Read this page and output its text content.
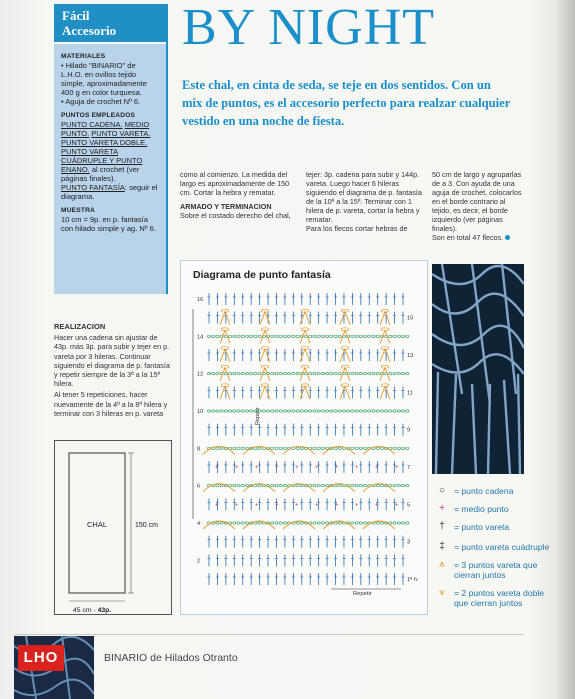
Fácil
Accesorio
MATERIALES

• Hilado "BINARIO" de L.H.O. en ovillos tejido simple, aproximadamente 400 g en color turquesa.
• Aguja de crochet Nº 6.

PUNTOS EMPLEADOS

PUNTO CADENA. MEDIO PUNTO. PUNTO VARETA. PUNTO VARETA DOBLE. PUNTO VARETA CUÁDRUPLE Y PUNTO ENANO. al crochet (ver páginas finales).
PUNTO FANTASÍA: seguir el diagrama.

MUESTRA

10 cm = 9p. en p. fantasía con hilado simple y ag. Nº 6.

BY NIGHT
Este chal, en cinta de seda, se teje en dos sentidos. Con un mix de puntos, es el accesorio perfecto para realzar cualquier vestido en una noche de fiesta.

como al comienzo. La medida del largo es aproximadamente de 150 cm. Cortar la hebra y rematar.

ARMADO Y TERMINACION

Sobre el costado derecho del chal,

tejer: 3p. cadena para subir y 144p. vareta. Luego hacer 6 hileras siguiendo el diagrama de p. fantasía de la 10ª a la 15ª. Terminar con 1 hilera de p. vareta, cortar la hebra y rematar.

Para los flecos cortar hebras de

50 cm de largo y agruparlas de a 3. Con ayuda de una aguja de crochet, colocarlos en el borde contrario al tejido, es decir, el borde izquierdo (ver páginas finales).

Son en total 47 flecos.

REALIZACION

Hacer una cadena sin ajustar de 43p. más 3p. para subir y tejer en p. vareta por 3 hileras. Continuar siguiendo el diagrama de p. fantasía y repetir siempre de la 3ª a la 15ª hilera.

Al tener 5 repeticiones, hacer nuevamente de la 4ª a la 8ª hilera y terminar con 3 hileras en p. vareta

CHAL	150 cm
45 cm - 43p.
Diagrama de punto fantasía
Repetir
Repetir
+	+	+	+	+	+	+	+	+	+
+	+	+	+	+	+	+	+	+	+
16
14
12
10
8
6
4
2
15
13
11
9
7
5
3
1ª h.
○	= punto cadena
+	= medio punto
†	= punto vareta
‡	= punto vareta cuádruple
⩚	= 3 puntos vareta que cierran juntos
⩛	= 2 puntos vareta doble que cierran juntos
LHO	BINARIO de Hilados Otranto
